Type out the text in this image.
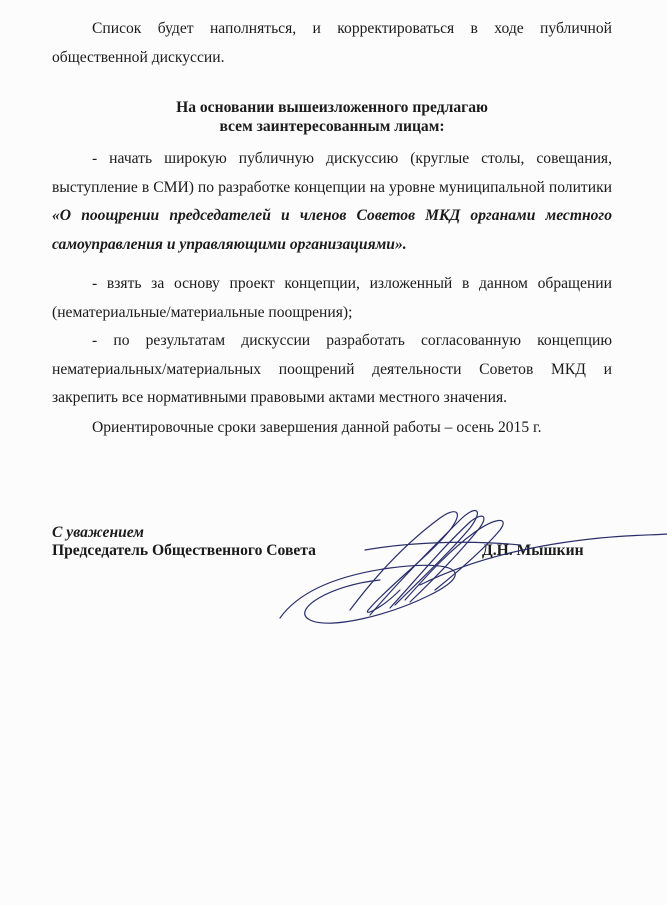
Список будет наполняться, и корректироваться в ходе публичной общественной дискуссии.

На основании вышеизложенного предлагаю
всем заинтересованным лицам:

- начать широкую публичную дискуссию (круглые столы, совещания, выступление в СМИ) по разработке концепции на уровне муниципальной политики «О поощрении председателей и членов Советов МКД органами местного самоуправления и управляющими организациями».

- взять за основу проект концепции, изложенный в данном обращении (нематериальные/материальные поощрения);

- по результатам дискуссии разработать согласованную концепцию нематериальных/материальных поощрений деятельности Советов МКД и закрепить все нормативными правовыми актами местного значения.

Ориентировочные сроки завершения данной работы – осень 2015 г.

С уважением
Председатель Общественного Совета	Д.Н. Мышкин
